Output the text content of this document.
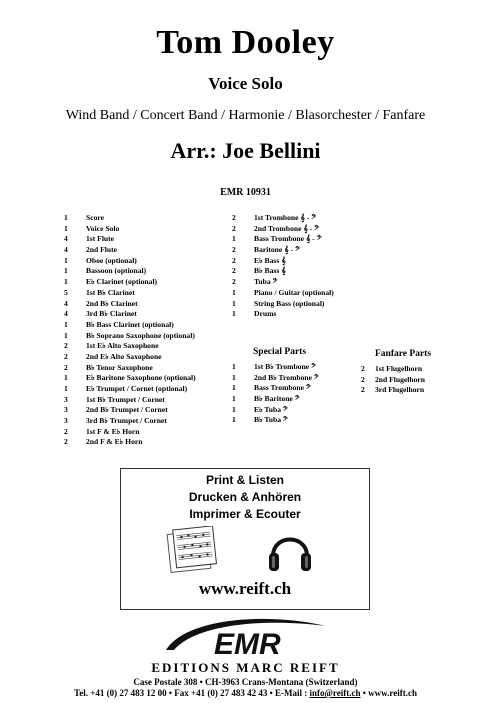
Tom Dooley
Voice Solo
Wind Band / Concert Band / Harmonie / Blasorchester / Fanfare
Arr.: Joe Bellini
EMR 10931
1	Score
1	Voice Solo
4	1st Flute
4	2nd Flute
1	Oboe (optional)
1	Bassoon (optional)
1	E♭ Clarinet (optional)
5	1st B♭ Clarinet
4	2nd B♭ Clarinet
4	3rd B♭ Clarinet
1	B♭ Bass Clarinet (optional)
1	B♭ Soprano Saxophone (optional)
2	1st E♭ Alto Saxophone
2	2nd E♭ Alto Saxophone
2	B♭ Tenor Saxophone
1	E♭ Baritone Saxophone (optional)
1	E♭ Trumpet / Cornet (optional)
3	1st B♭ Trumpet / Cornet
3	2nd B♭ Trumpet / Cornet
3	3rd B♭ Trumpet / Cornet
2	1st F & E♭ Horn
2	2nd F & E♭ Horn
2	1st Trombone 𝄞 - 𝄢
2	2nd Trombone 𝄞 - 𝄢
1	Bass Trombone 𝄞 - 𝄢
2	Baritone 𝄞 - 𝄢
2	E♭ Bass 𝄞
2	B♭ Bass 𝄞
2	Tuba 𝄢
1	Piano / Guitar (optional)
1	String Bass (optional)
1	Drums
Special Parts
1	1st B♭ Trombone 𝄢
1	2nd B♭ Trombone 𝄢
1	Bass Trombone 𝄢
1	B♭ Baritone 𝄢
1	E♭ Tuba 𝄢
1	B♭ Tuba 𝄢
Fanfare Parts
2	1st Flugelhorn
2	2nd Flugelhorn
2	3rd Flugelhorn
Print & Listen
Drucken & Anhören
Imprimer & Ecouter
www.reift.ch
EMR
EDITIONS MARC REIFT
Case Postale 308 • CH-3963 Crans-Montana (Switzerland)
Tel. +41 (0) 27 483 12 00 • Fax +41 (0) 27 483 42 43 • E-Mail : info@reift.ch • www.reift.ch
